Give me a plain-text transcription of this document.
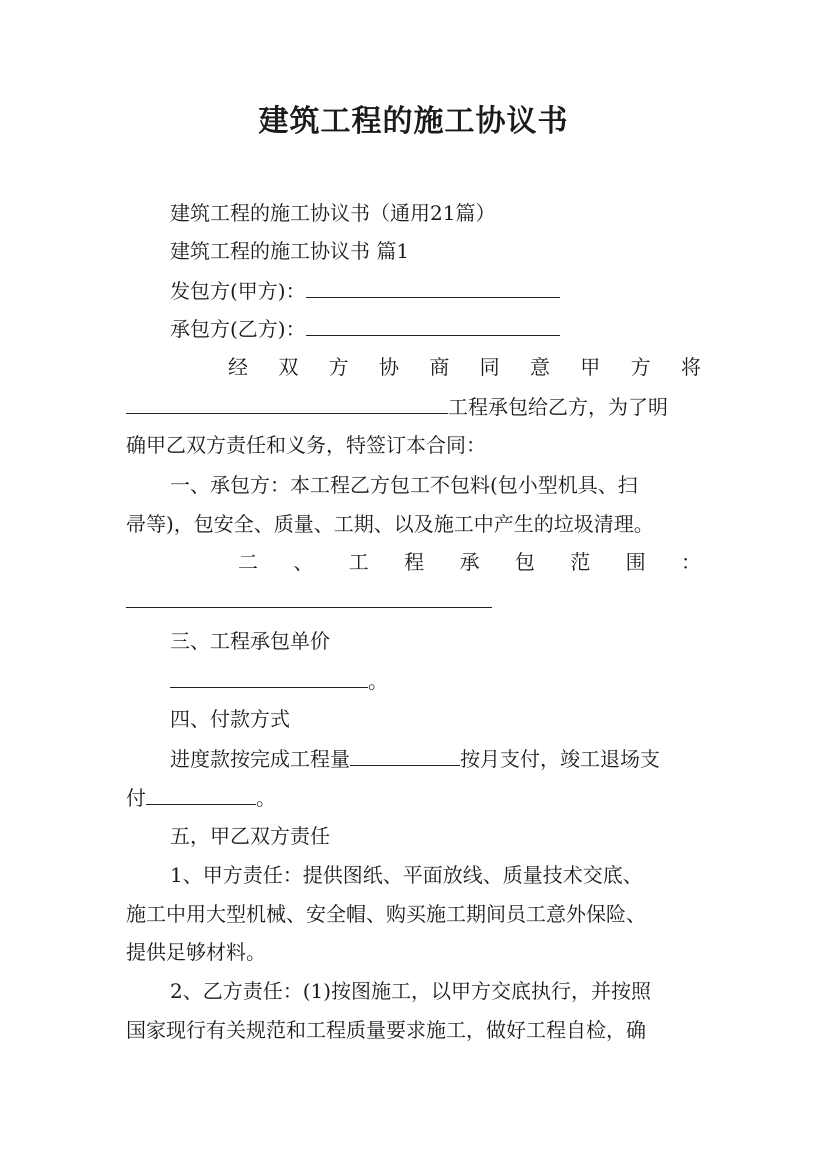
建筑工程的施工协议书
建筑工程的施工协议书（通用21篇）
建筑工程的施工协议书 篇1
发包方(甲方)：
承包方(乙方)：
经 双 方 协 商 同 意 甲 方 将
工程承包给乙方，为了明
确甲乙双方责任和义务，特签订本合同：
一、承包方：本工程乙方包工不包料(包小型机具、扫
帚等)，包安全、质量、工期、以及施工中产生的垃圾清理。
二 、 工 程 承 包 范 围 ：
三、工程承包单价
。
四、付款方式
进度款按完成工程量	按月支付，竣工退场支
付	。
五，甲乙双方责任
1、甲方责任：提供图纸、平面放线、质量技术交底、
施工中用大型机械、安全帽、购买施工期间员工意外保险、
提供足够材料。
2、乙方责任：(1)按图施工，以甲方交底执行，并按照
国家现行有关规范和工程质量要求施工，做好工程自检，确
